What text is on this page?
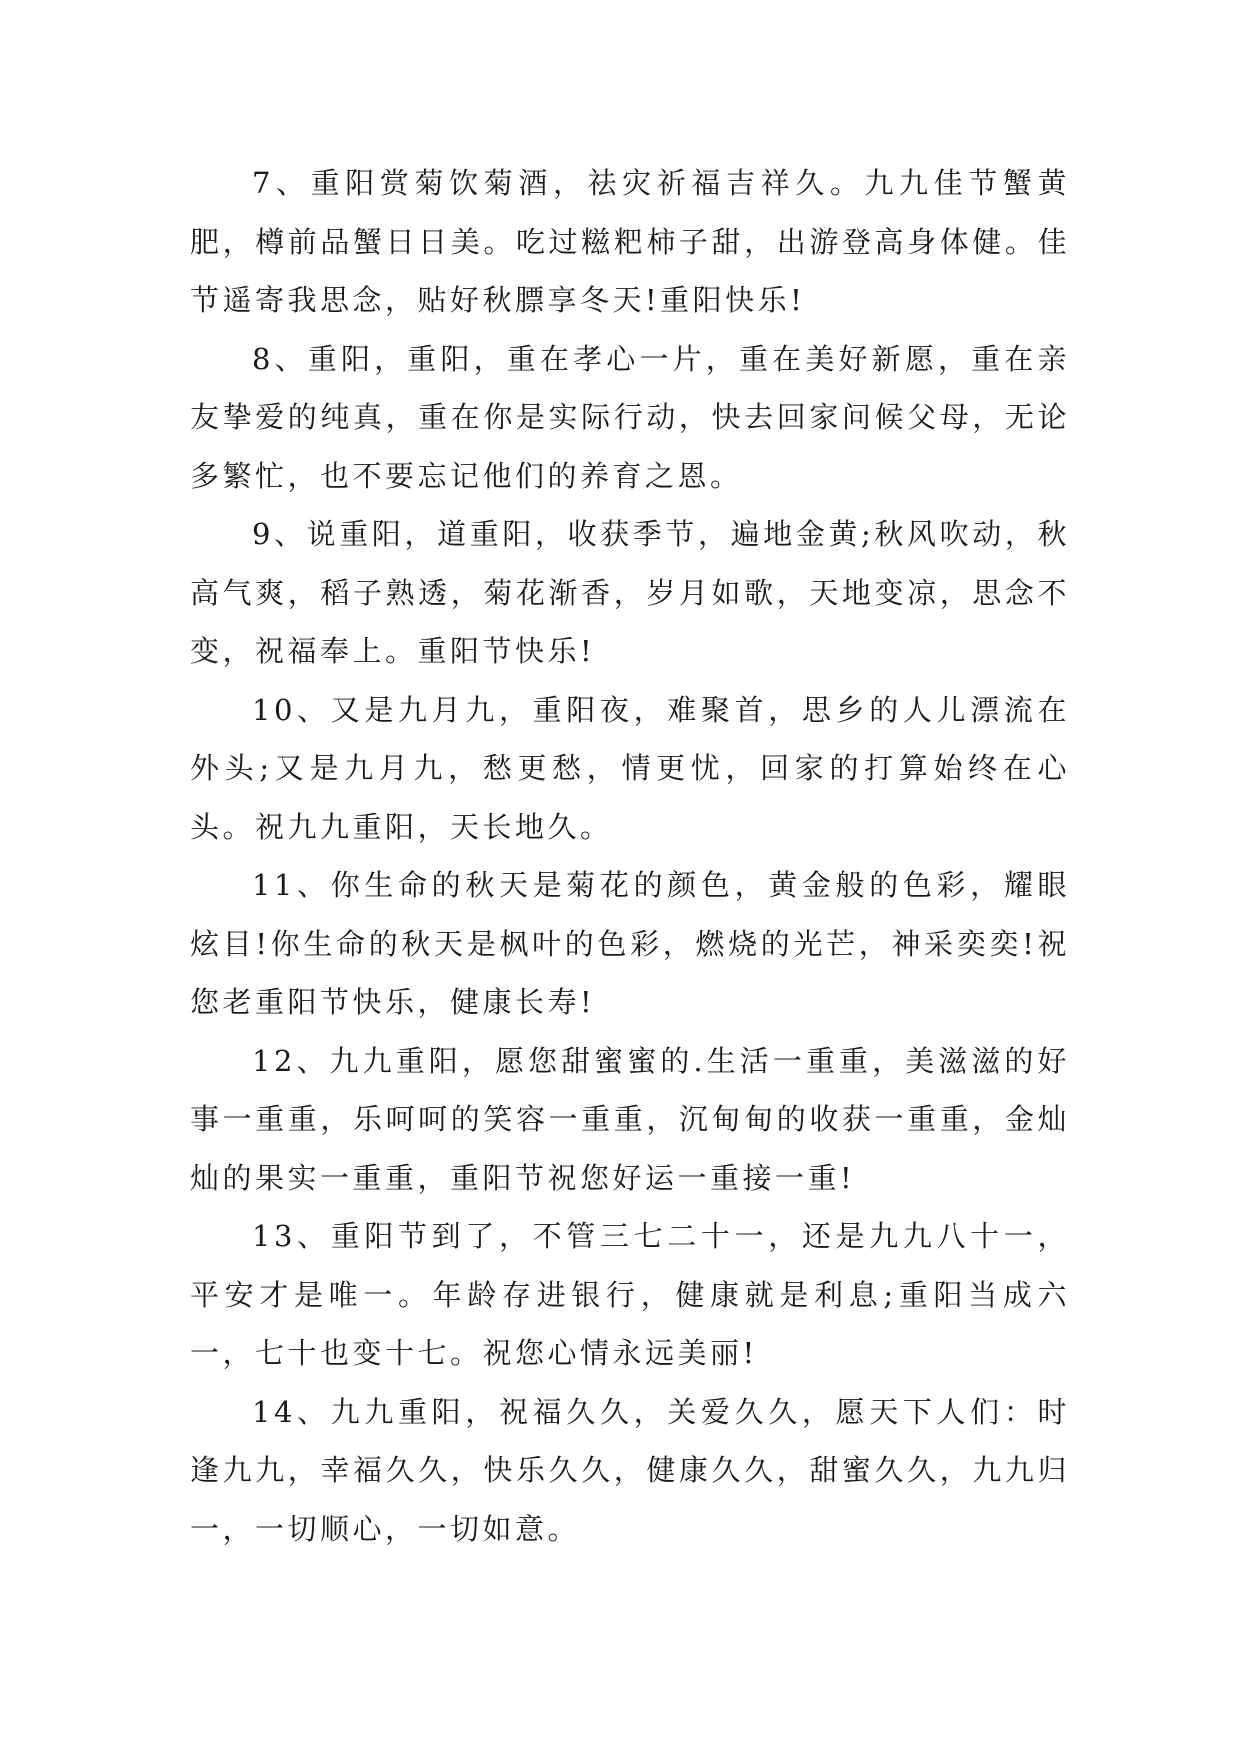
7、重阳赏菊饮菊酒，祛灾祈福吉祥久。九九佳节蟹黄肥，樽前品蟹日日美。吃过糍粑柿子甜，出游登高身体健。佳节遥寄我思念，贴好秋膘享冬天!重阳快乐!

8、重阳，重阳，重在孝心一片，重在美好新愿，重在亲友挚爱的纯真，重在你是实际行动，快去回家问候父母，无论多繁忙，也不要忘记他们的养育之恩。

9、说重阳，道重阳，收获季节，遍地金黄;秋风吹动，秋高气爽，稻子熟透，菊花渐香，岁月如歌，天地变凉，思念不变，祝福奉上。重阳节快乐!

10、又是九月九，重阳夜，难聚首，思乡的人儿漂流在外头;又是九月九，愁更愁，情更忧，回家的打算始终在心头。祝九九重阳，天长地久。

11、你生命的秋天是菊花的颜色，黄金般的色彩，耀眼炫目!你生命的秋天是枫叶的色彩，燃烧的光芒，神采奕奕!祝您老重阳节快乐，健康长寿!

12、九九重阳，愿您甜蜜蜜的.生活一重重，美滋滋的好事一重重，乐呵呵的笑容一重重，沉甸甸的收获一重重，金灿灿的果实一重重，重阳节祝您好运一重接一重!

13、重阳节到了，不管三七二十一，还是九九八十一，平安才是唯一。年龄存进银行，健康就是利息;重阳当成六一，七十也变十七。祝您心情永远美丽!

14、九九重阳，祝福久久，关爱久久，愿天下人们：时逢九九，幸福久久，快乐久久，健康久久，甜蜜久久，九九归一，一切顺心，一切如意。
